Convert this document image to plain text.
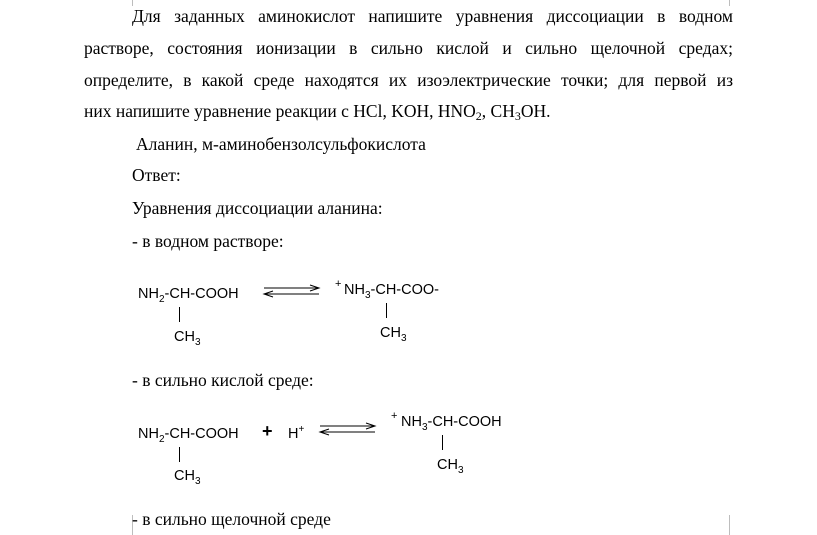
Для заданных аминокислот напишите уравнения диссоциации в водном
растворе, состояния ионизации в сильно кислой и сильно щелочной средах;
определите, в какой среде находятся их изоэлектрические точки; для первой из
них напишите уравнение реакции с HCl, KOH, $HNO_2$, $CH_3OH$.
Аланин, м-аминобензолсульфокислота
Ответ:
Уравнения диссоциации аланина:
- в водном растворе:
$NH_2-CH$-COOH
$CH_3$
+ $NH_3-CH-COO-$
$CH_3$
- в сильно кислой среде:
$NH_2-CH$-COOH
$CH_3$
+ H+
+ $NH_3-CH$-COOH
$CH_3$
- в сильно щелочной среде
